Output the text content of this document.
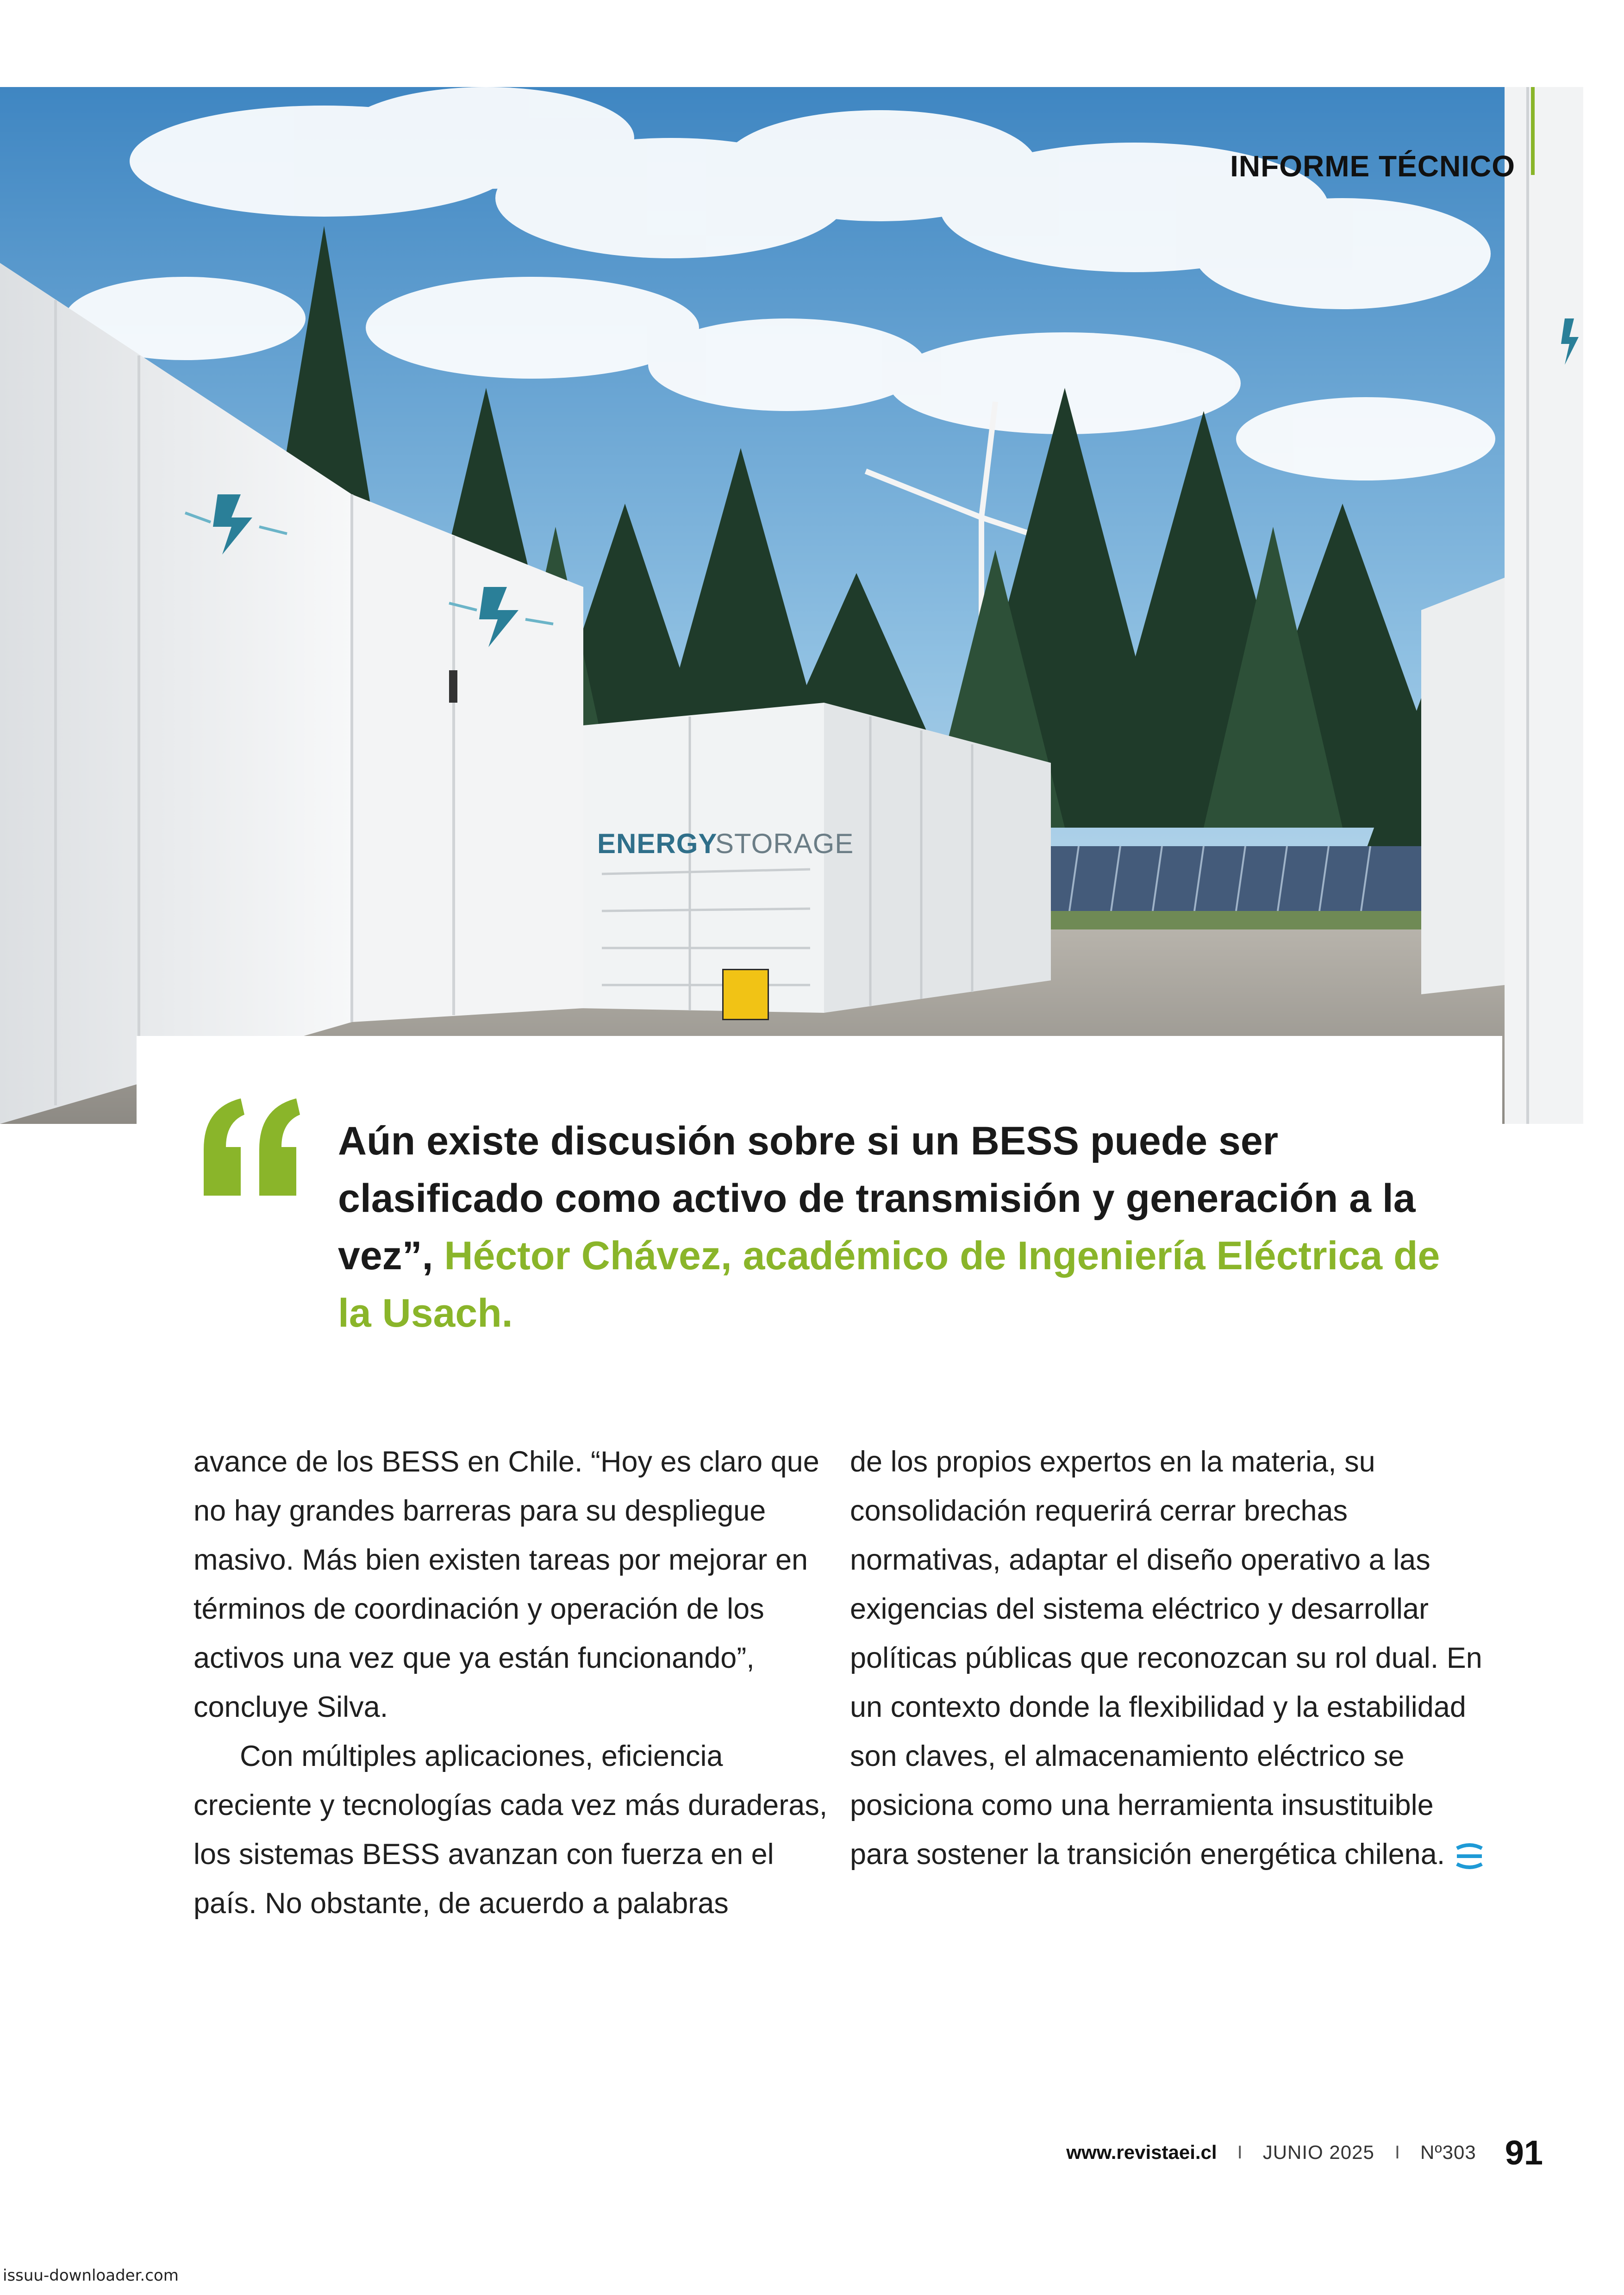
ENERGY
STORAGE
INFORME TÉCNICO
Aún existe discusión sobre si un BESS puede ser clasificado como activo de transmisión y generación a la vez”, Héctor Chávez, académico de Ingeniería Eléctrica de la Usach.

avance de los BESS en Chile. “Hoy es claro que no hay grandes barreras para su despliegue masivo. Más bien existen tareas por mejorar en términos de coordinación y operación de los activos una vez que ya están funcionando”, concluye Silva.

Con múltiples aplicaciones, eficiencia creciente y tecnologías cada vez más duraderas, los sistemas BESS avanzan con fuerza en el país. No obstante, de acuerdo a palabras

de los propios expertos en la materia, su consolidación requerirá cerrar brechas normativas, adaptar el diseño operativo a las exigencias del sistema eléctrico y desarrollar políticas públicas que reconozcan su rol dual. En un contexto donde la flexibilidad y la estabilidad son claves, el almacenamiento eléctrico se posiciona como una herramienta insustituible para sostener la transición energética chilena.

www.revistaei.cl I JUNIO 2025 I Nº303 91
issuu-downloader.com
